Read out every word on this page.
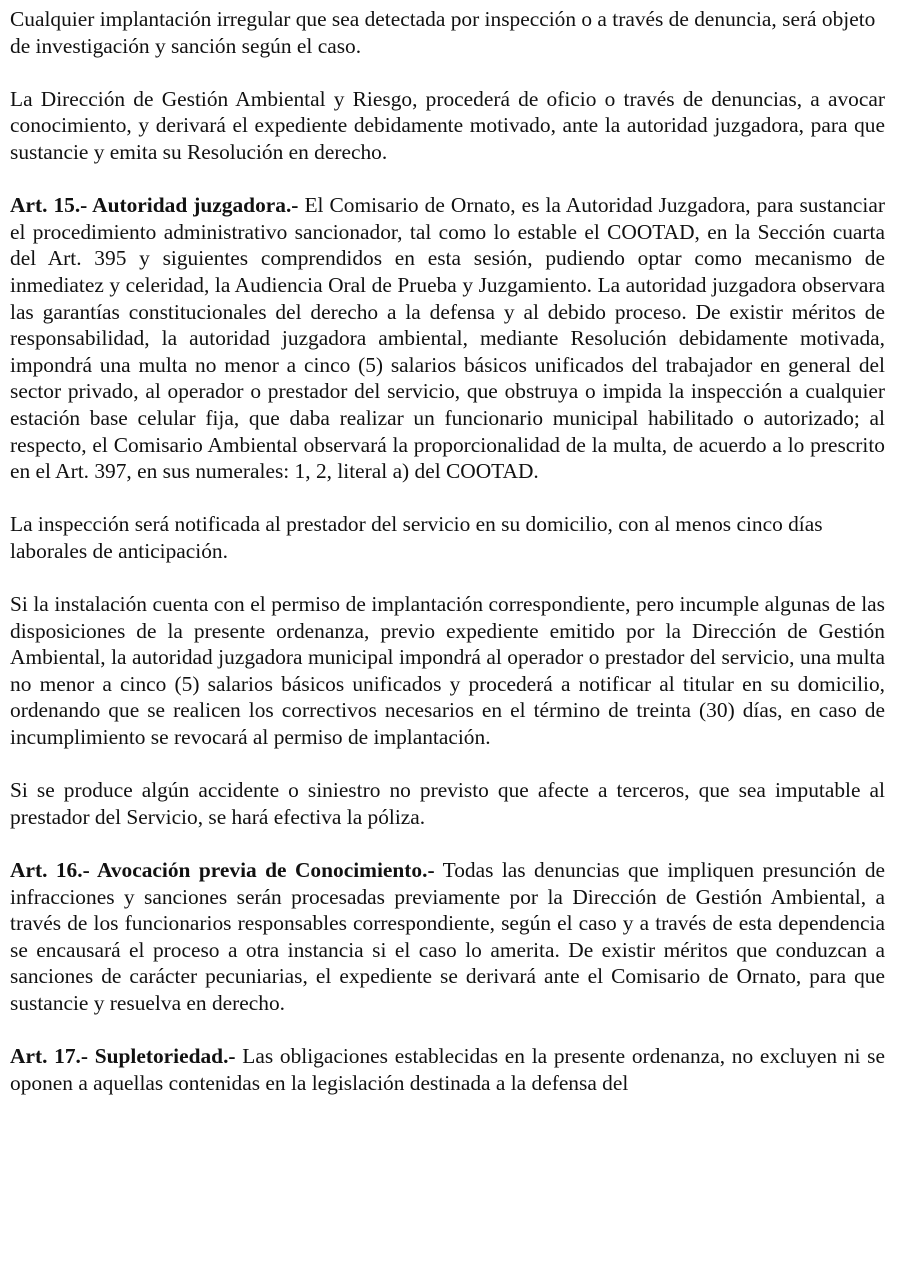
Cualquier implantación irregular que sea detectada por inspección o a través de denuncia, será objeto de investigación y sanción según el caso.

La Dirección de Gestión Ambiental y Riesgo, procederá de oficio o través de denuncias, a avocar conocimiento, y derivará el expediente debidamente motivado, ante la autoridad juzgadora, para que sustancie y emita su Resolución en derecho.

Art. 15.- Autoridad juzgadora.- El Comisario de Ornato, es la Autoridad Juzgadora, para sustanciar el procedimiento administrativo sancionador, tal como lo estable el COOTAD, en la Sección cuarta del Art. 395 y siguientes comprendidos en esta sesión, pudiendo optar como mecanismo de inmediatez y celeridad, la Audiencia Oral de Prueba y Juzgamiento. La autoridad juzgadora observara las garantías constitucionales del derecho a la defensa y al debido proceso. De existir méritos de responsabilidad, la autoridad juzgadora ambiental, mediante Resolución debidamente motivada, impondrá una multa no menor a cinco (5) salarios básicos unificados del trabajador en general del sector privado, al operador o prestador del servicio, que obstruya o impida la inspección a cualquier estación base celular fija, que daba realizar un funcionario municipal habilitado o autorizado; al respecto, el Comisario Ambiental observará la proporcionalidad de la multa, de acuerdo a lo prescrito en el Art. 397, en sus numerales: 1, 2, literal a) del COOTAD.

La inspección será notificada al prestador del servicio en su domicilio, con al menos cinco días laborales de anticipación.

Si la instalación cuenta con el permiso de implantación correspondiente, pero incumple algunas de las disposiciones de la presente ordenanza, previo expediente emitido por la Dirección de Gestión Ambiental, la autoridad juzgadora municipal impondrá al operador o prestador del servicio, una multa no menor a cinco (5) salarios básicos unificados y procederá a notificar al titular en su domicilio, ordenando que se realicen los correctivos necesarios en el término de treinta (30) días, en caso de incumplimiento se revocará al permiso de implantación.

Si se produce algún accidente o siniestro no previsto que afecte a terceros, que sea imputable al prestador del Servicio, se hará efectiva la póliza.

Art. 16.- Avocación previa de Conocimiento.- Todas las denuncias que impliquen presunción de infracciones y sanciones serán procesadas previamente por la Dirección de Gestión Ambiental, a través de los funcionarios responsables correspondiente, según el caso y a través de esta dependencia se encausará el proceso a otra instancia si el caso lo amerita. De existir méritos que conduzcan a sanciones de carácter pecuniarias, el expediente se derivará ante el Comisario de Ornato, para que sustancie y resuelva en derecho.

Art. 17.- Supletoriedad.- Las obligaciones establecidas en la presente ordenanza, no excluyen ni se oponen a aquellas contenidas en la legislación destinada a la defensa del
